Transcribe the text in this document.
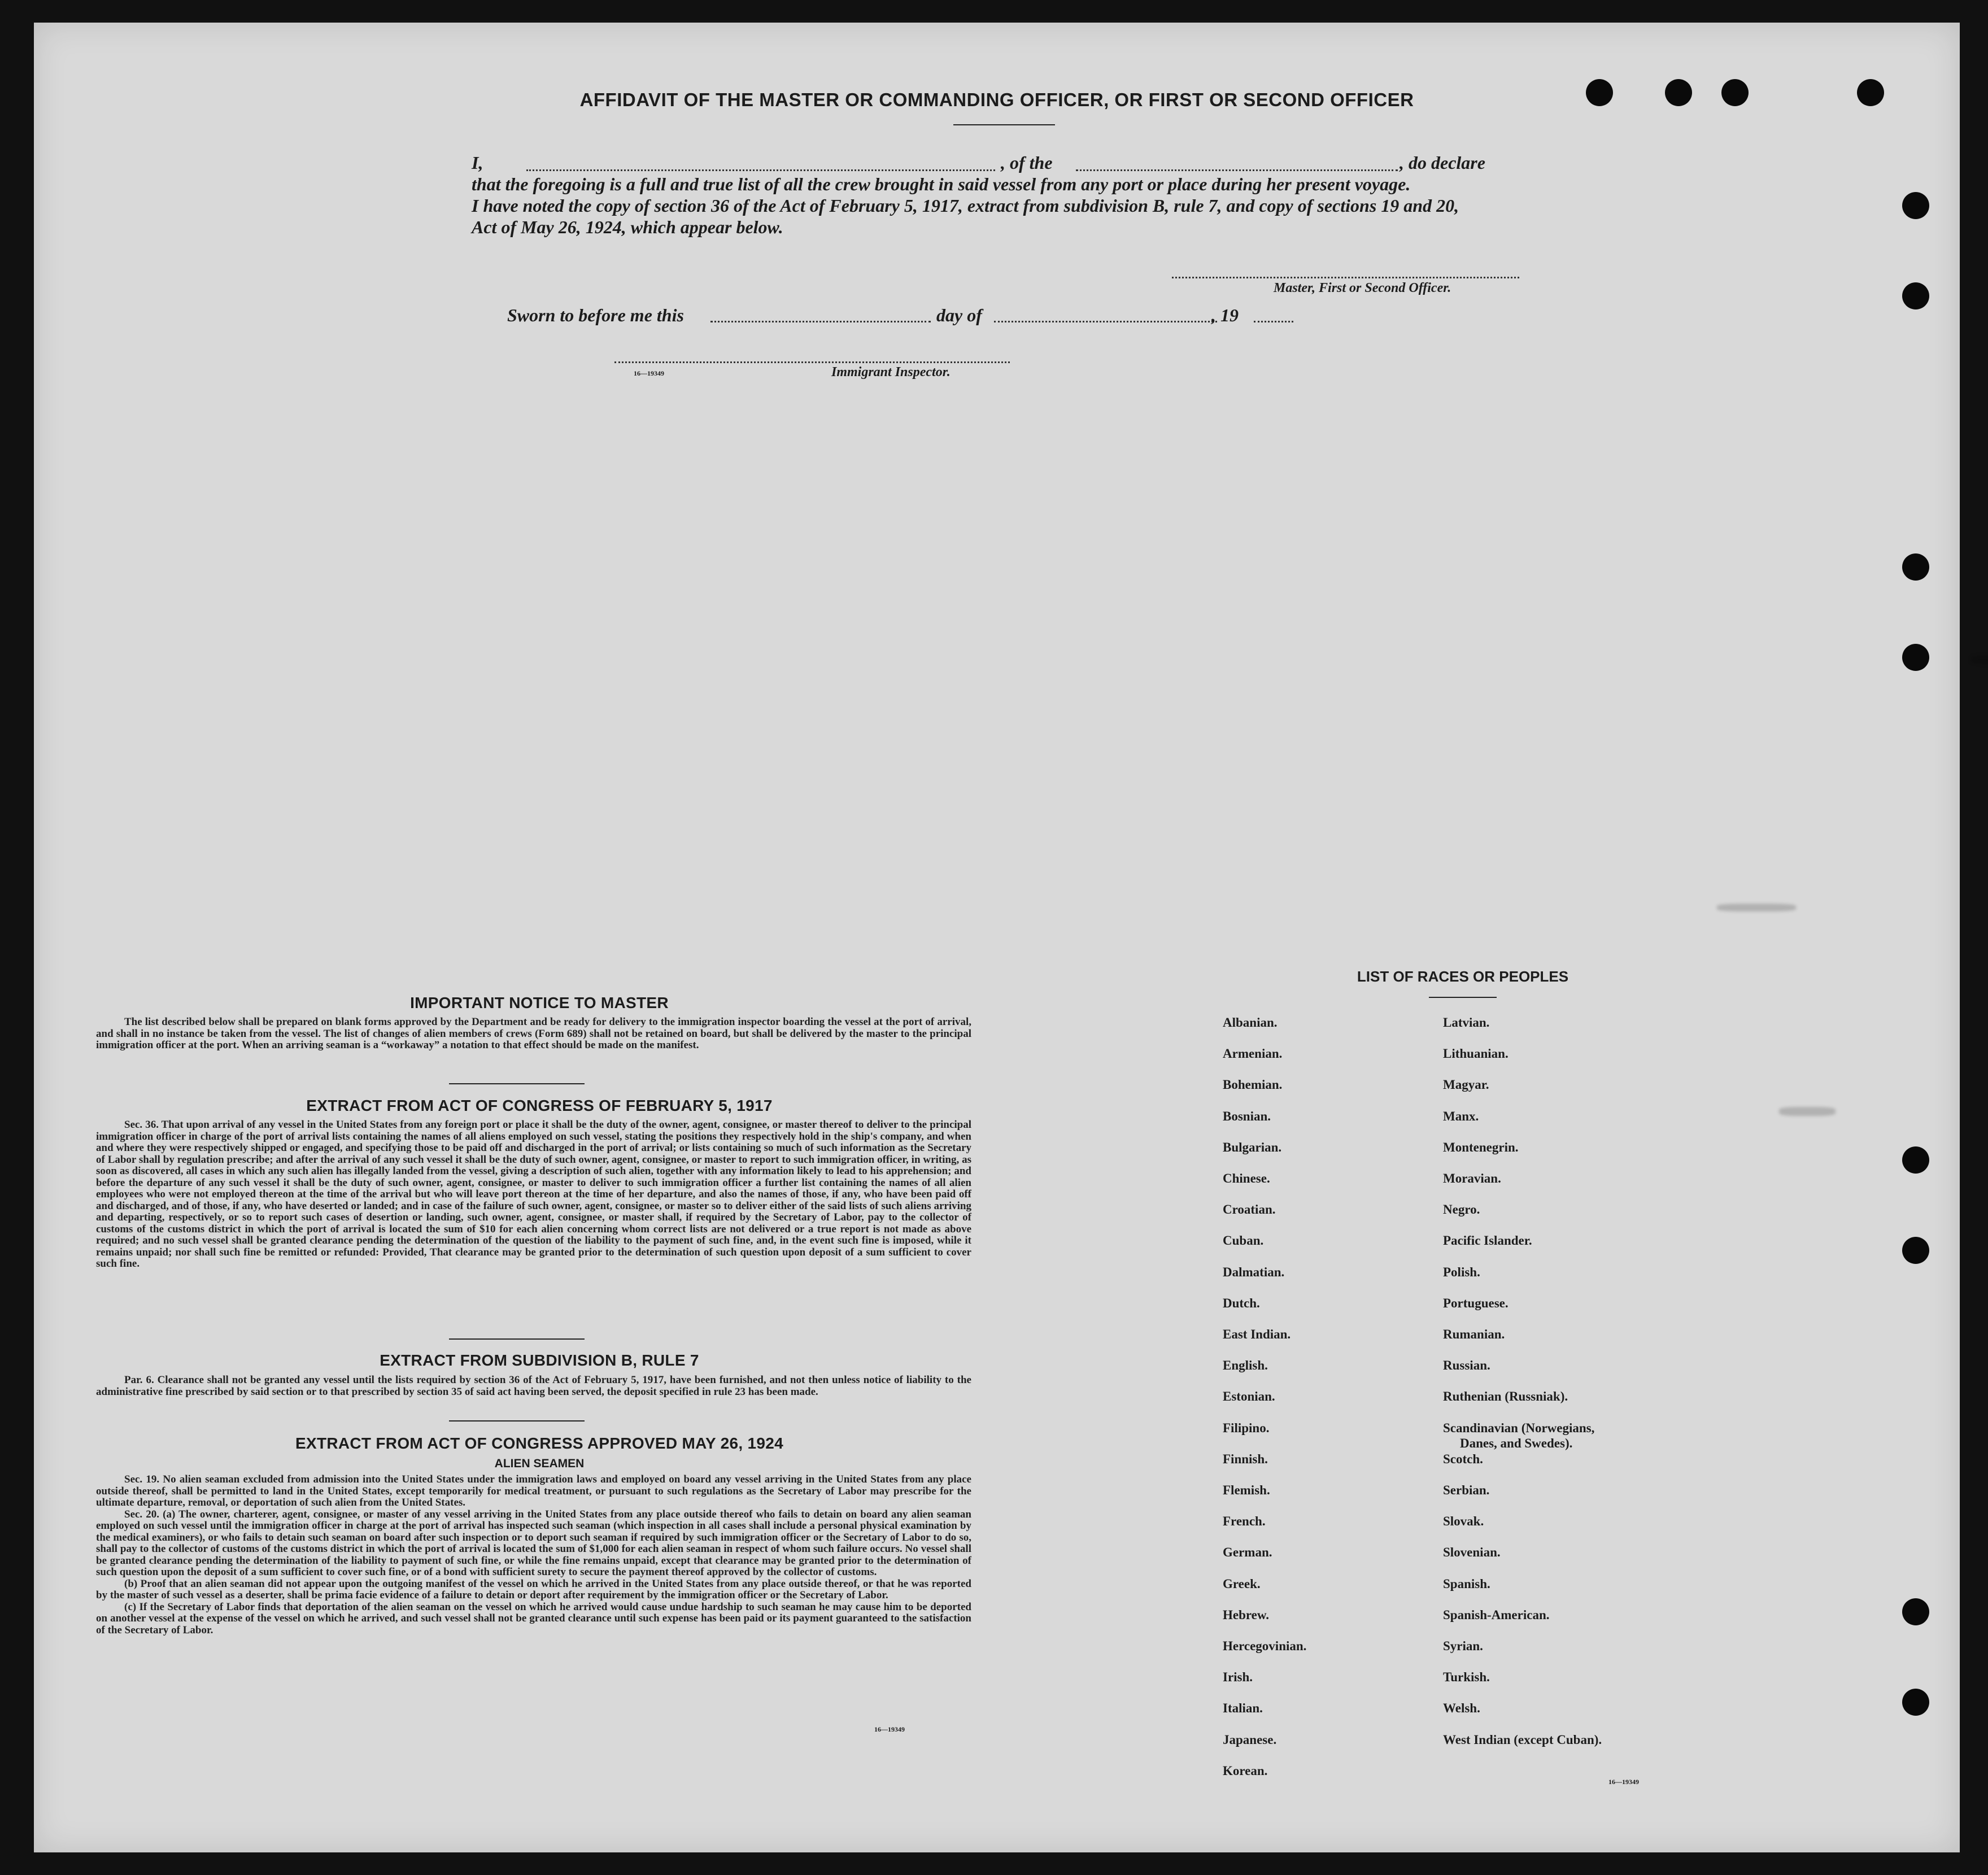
AFFIDAVIT OF THE MASTER OR COMMANDING OFFICER, OR FIRST OR SECOND OFFICER
I,	, of the	, do declare
that the foregoing is a full and true list of all the crew brought in said vessel from any port or place during her present voyage.
I have noted the copy of section 36 of the Act of February 5, 1917, extract from subdivision B, rule 7, and copy of sections 19 and 20,
Act of May 26, 1924, which appear below.
Master, First or Second Officer.
Sworn to before me this	day of	, 19
16—19349	Immigrant Inspector.
IMPORTANT NOTICE TO MASTER

The list described below shall be prepared on blank forms approved by the Department and be ready for delivery to the immigration inspector boarding the vessel at the port of arrival, and shall in no instance be taken from the vessel. The list of changes of alien members of crews (Form 689) shall not be retained on board, but shall be delivered by the master to the principal immigration officer at the port. When an arriving seaman is a “workaway” a notation to that effect should be made on the manifest.

EXTRACT FROM ACT OF CONGRESS OF FEBRUARY 5, 1917

Sec. 36. That upon arrival of any vessel in the United States from any foreign port or place it shall be the duty of the owner, agent, consignee, or master thereof to deliver to the principal immigration officer in charge of the port of arrival lists containing the names of all aliens employed on such vessel, stating the positions they respectively hold in the ship's company, and when and where they were respectively shipped or engaged, and specifying those to be paid off and discharged in the port of arrival; or lists containing so much of such information as the Secretary of Labor shall by regulation prescribe; and after the arrival of any such vessel it shall be the duty of such owner, agent, consignee, or master to report to such immigration officer, in writing, as soon as discovered, all cases in which any such alien has illegally landed from the vessel, giving a description of such alien, together with any information likely to lead to his apprehension; and before the departure of any such vessel it shall be the duty of such owner, agent, consignee, or master to deliver to such immigration officer a further list containing the names of all alien employees who were not employed thereon at the time of the arrival but who will leave port thereon at the time of her departure, and also the names of those, if any, who have been paid off and discharged, and of those, if any, who have deserted or landed; and in case of the failure of such owner, agent, consignee, or master so to deliver either of the said lists of such aliens arriving and departing, respectively, or so to report such cases of desertion or landing, such owner, agent, consignee, or master shall, if required by the Secretary of Labor, pay to the collector of customs of the customs district in which the port of arrival is located the sum of $10 for each alien concerning whom correct lists are not delivered or a true report is not made as above required; and no such vessel shall be granted clearance pending the determination of the question of the liability to the payment of such fine, and, in the event such fine is imposed, while it remains unpaid; nor shall such fine be remitted or refunded: Provided, That clearance may be granted prior to the determination of such question upon deposit of a sum sufficient to cover such fine.

EXTRACT FROM SUBDIVISION B, RULE 7

Par. 6. Clearance shall not be granted any vessel until the lists required by section 36 of the Act of February 5, 1917, have been furnished, and not then unless notice of liability to the administrative fine prescribed by said section or to that prescribed by section 35 of said act having been served, the deposit specified in rule 23 has been made.

EXTRACT FROM ACT OF CONGRESS APPROVED MAY 26, 1924
ALIEN SEAMEN

Sec. 19. No alien seaman excluded from admission into the United States under the immigration laws and employed on board any vessel arriving in the United States from any place outside thereof, shall be permitted to land in the United States, except temporarily for medical treatment, or pursuant to such regulations as the Secretary of Labor may prescribe for the ultimate departure, removal, or deportation of such alien from the United States.

Sec. 20. (a) The owner, charterer, agent, consignee, or master of any vessel arriving in the United States from any place outside thereof who fails to detain on board any alien seaman employed on such vessel until the immigration officer in charge at the port of arrival has inspected such seaman (which inspection in all cases shall include a personal physical examination by the medical examiners), or who fails to detain such seaman on board after such inspection or to deport such seaman if required by such immigration officer or the Secretary of Labor to do so, shall pay to the collector of customs of the customs district in which the port of arrival is located the sum of $1,000 for each alien seaman in respect of whom such failure occurs. No vessel shall be granted clearance pending the determination of the liability to payment of such fine, or while the fine remains unpaid, except that clearance may be granted prior to the determination of such question upon the deposit of a sum sufficient to cover such fine, or of a bond with sufficient surety to secure the payment thereof approved by the collector of customs.

(b) Proof that an alien seaman did not appear upon the outgoing manifest of the vessel on which he arrived in the United States from any place outside thereof, or that he was reported by the master of such vessel as a deserter, shall be prima facie evidence of a failure to detain or deport after requirement by the immigration officer or the Secretary of Labor.

(c) If the Secretary of Labor finds that deportation of the alien seaman on the vessel on which he arrived would cause undue hardship to such seaman he may cause him to be deported on another vessel at the expense of the vessel on which he arrived, and such vessel shall not be granted clearance until such expense has been paid or its payment guaranteed to the satisfaction of the Secretary of Labor.

16—19349
LIST OF RACES OR PEOPLES
16—19349
Albanian.
Armenian.
Bohemian.
Bosnian.
Bulgarian.
Chinese.
Croatian.
Cuban.
Dalmatian.
Dutch.
East Indian.
English.
Estonian.
Filipino.
Finnish.
Flemish.
French.
German.
Greek.
Hebrew.
Hercegovinian.
Irish.
Italian.
Japanese.
Korean.
Latvian.
Lithuanian.
Magyar.
Manx.
Montenegrin.
Moravian.
Negro.
Pacific Islander.
Polish.
Portuguese.
Rumanian.
Russian.
Ruthenian (Russniak).
Scandinavian (Norwegians,
Danes, and Swedes).
Scotch.
Serbian.
Slovak.
Slovenian.
Spanish.
Spanish-American.
Syrian.
Turkish.
Welsh.
West Indian (except Cuban).
